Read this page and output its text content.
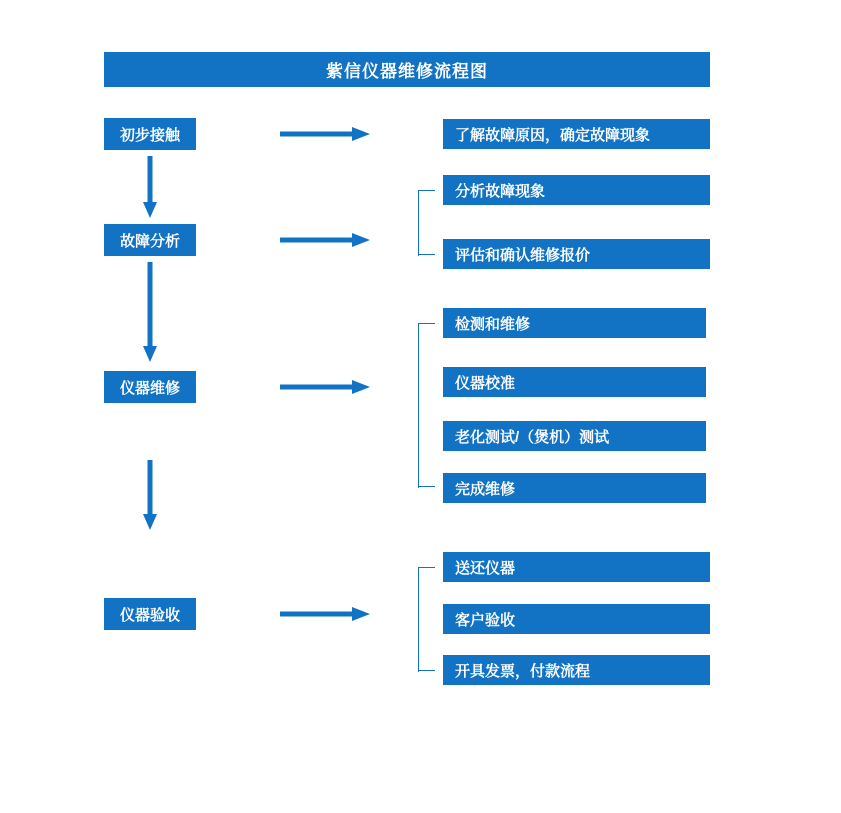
紫信仪器维修流程图
初步接触	了解故障原因，确定故障现象
故障分析
分析故障现象
评估和确认维修报价
仪器维修
检测和维修
仪器校准
老化测试/（煲机）测试
完成维修
仪器验收
送还仪器
客户验收
开具发票，付款流程
